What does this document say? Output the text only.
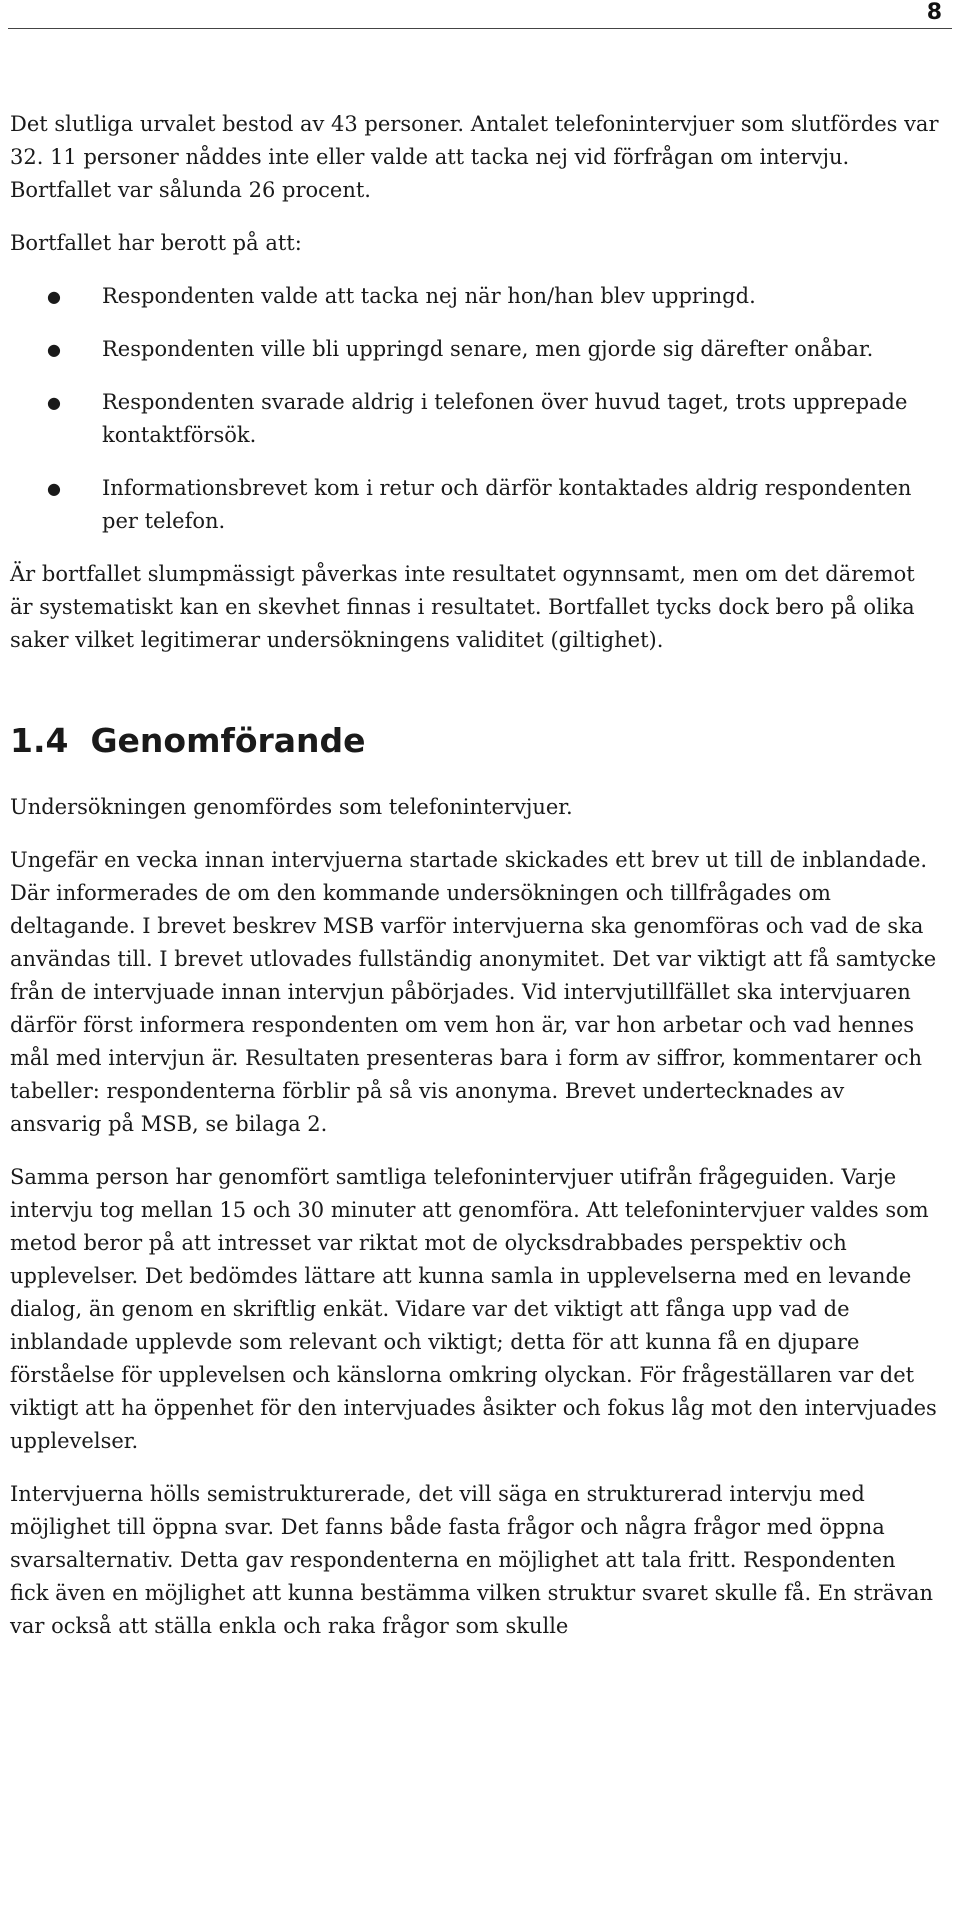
8

Det slutliga urvalet bestod av 43 personer. Antalet telefonintervjuer som slutfördes var 32. 11 personer nåddes inte eller valde att tacka nej vid förfrågan om intervju. Bortfallet var sålunda 26 procent.

Bortfallet har berott på att:

● Respondenten valde att tacka nej när hon/han blev uppringd.
● Respondenten ville bli uppringd senare, men gjorde sig därefter onåbar.
● Respondenten svarade aldrig i telefonen över huvud taget, trots upprepade kontaktförsök.
● Informationsbrevet kom i retur och därför kontaktades aldrig respondenten per telefon.

Är bortfallet slumpmässigt påverkas inte resultatet ogynnsamt, men om det däremot är systematiskt kan en skevhet finnas i resultatet. Bortfallet tycks dock bero på olika saker vilket legitimerar undersökningens validitet (giltighet).

1.4 Genomförande

Undersökningen genomfördes som telefonintervjuer.

Ungefär en vecka innan intervjuerna startade skickades ett brev ut till de inblandade. Där informerades de om den kommande undersökningen och tillfrågades om deltagande. I brevet beskrev MSB varför intervjuerna ska genomföras och vad de ska användas till. I brevet utlovades fullständig anonymitet. Det var viktigt att få samtycke från de intervjuade innan intervjun påbörjades. Vid intervjutillfället ska intervjuaren därför först informera respondenten om vem hon är, var hon arbetar och vad hennes mål med intervjun är. Resultaten presenteras bara i form av siffror, kommentarer och tabeller: respondenterna förblir på så vis anonyma. Brevet undertecknades av ansvarig på MSB, se bilaga 2.

Samma person har genomfört samtliga telefonintervjuer utifrån frågeguiden. Varje intervju tog mellan 15 och 30 minuter att genomföra. Att telefonintervjuer valdes som metod beror på att intresset var riktat mot de olycksdrabbades perspektiv och upplevelser. Det bedömdes lättare att kunna samla in upplevelserna med en levande dialog, än genom en skriftlig enkät. Vidare var det viktigt att fånga upp vad de inblandade upplevde som relevant och viktigt; detta för att kunna få en djupare förståelse för upplevelsen och känslorna omkring olyckan. För frågeställaren var det viktigt att ha öppenhet för den intervjuades åsikter och fokus låg mot den intervjuades upplevelser.

Intervjuerna hölls semistrukturerade, det vill säga en strukturerad intervju med möjlighet till öppna svar. Det fanns både fasta frågor och några frågor med öppna svarsalternativ. Detta gav respondenterna en möjlighet att tala fritt. Respondenten fick även en möjlighet att kunna bestämma vilken struktur svaret skulle få. En strävan var också att ställa enkla och raka frågor som skulle
